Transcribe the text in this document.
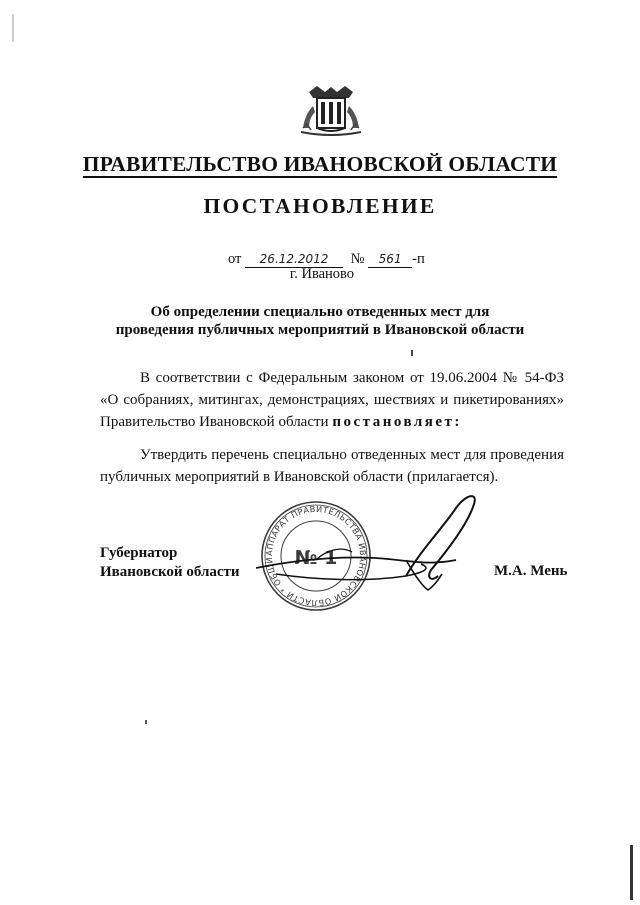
ПРАВИТЕЛЬСТВО ИВАНОВСКОЙ ОБЛАСТИ
ПОСТАНОВЛЕНИЕ
от 26.12.2012 № 561 -п
г. Иваново
Об определении специально отведенных мест для проведения публичных мероприятий в Ивановской области
В соответствии с Федеральным законом от 19.06.2004 № 54-ФЗ «О собраниях, митингах, демонстрациях, шествиях и пикетированиях» Правительство Ивановской области постановляет:
Утвердить перечень специально отведенных мест для проведения публичных мероприятий в Ивановской области (прилагается).
АППАРАТ ПРАВИТЕЛЬСТВА ИВАНОВСКОЙ ОБЛАСТИ * ОБЩИ	№ 1
Губернатор
Ивановской области	М.А. Мень
